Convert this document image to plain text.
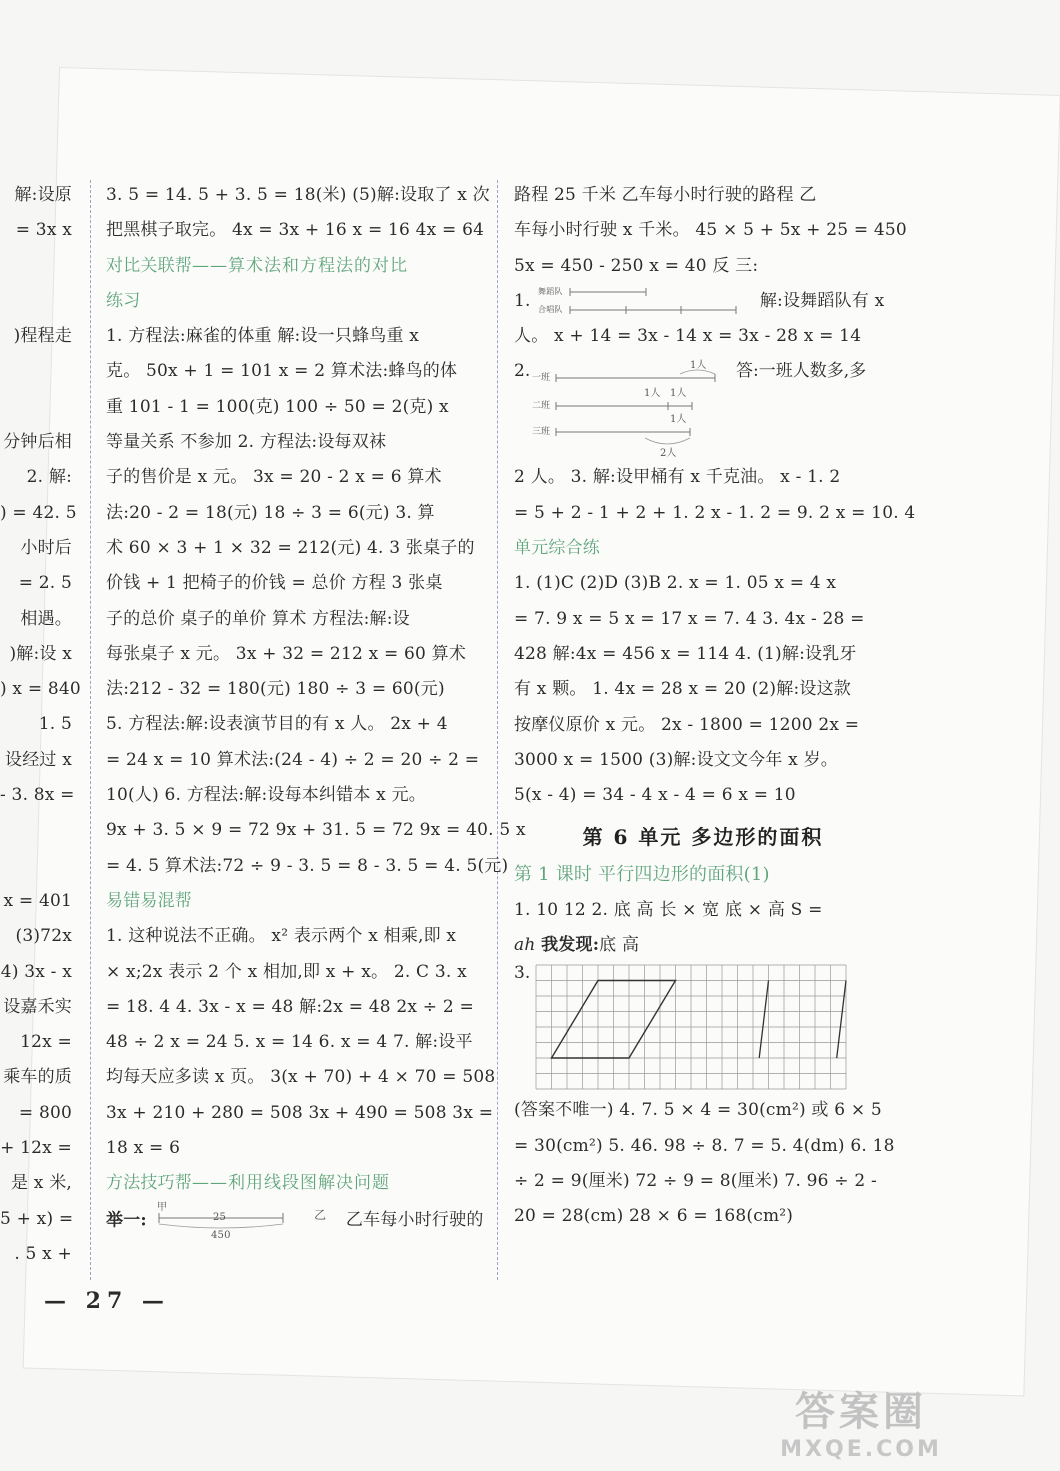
解:设原
= 3x x
)程程走
分钟后相
2. 解:
) = 42. 5
小时后
= 2. 5
相遇。
)解:设 x
) x = 840
1. 5
设经过 x
- 3. 8x =
x = 401
(3)72x
4) 3x - x
设嘉禾实
12x =
乘车的质
= 800
+ 12x =
是 x 米,
5 + x) =
. 5 x +
3. 5 = 14. 5 + 3. 5 = 18(米) (5)解:设取了 x 次
把黑棋子取完。 4x = 3x + 16 x = 16 4x = 64
对比关联帮——算术法和方程法的对比
练习
1. 方程法:麻雀的体重 解:设一只蜂鸟重 x
克。 50x + 1 = 101 x = 2 算术法:蜂鸟的体
重 101 - 1 = 100(克) 100 ÷ 50 = 2(克) x
等量关系 不参加 2. 方程法:设每双袜
子的售价是 x 元。 3x = 20 - 2 x = 6 算术
法:20 - 2 = 18(元) 18 ÷ 3 = 6(元) 3. 算
术 60 × 3 + 1 × 32 = 212(元) 4. 3 张桌子的
价钱 + 1 把椅子的价钱 = 总价 方程 3 张桌
子的总价 桌子的单价 算术 方程法:解:设
每张桌子 x 元。 3x + 32 = 212 x = 60 算术
法:212 - 32 = 180(元) 180 ÷ 3 = 60(元)
5. 方程法:解:设表演节目的有 x 人。 2x + 4
= 24 x = 10 算术法:(24 - 4) ÷ 2 = 20 ÷ 2 =
10(人) 6. 方程法:解:设每本纠错本 x 元。
9x + 3. 5 × 9 = 72 9x + 31. 5 = 72 9x = 40. 5 x
= 4. 5 算术法:72 ÷ 9 - 3. 5 = 8 - 3. 5 = 4. 5(元)
易错易混帮
1. 这种说法不正确。 x² 表示两个 x 相乘,即 x
× x;2x 表示 2 个 x 相加,即 x + x。 2. C 3. x
= 18. 4 4. 3x - x = 48 解:2x = 48 2x ÷ 2 =
48 ÷ 2 x = 24 5. x = 14 6. x = 4 7. 解:设平
均每天应多读 x 页。 3(x + 70) + 4 × 70 = 508
3x + 210 + 280 = 508 3x + 490 = 508 3x =
18 x = 6
方法技巧帮——利用线段图解决问题
举一:
甲
25
450
$^乙$ 乙车每小时行驶的
路程 25 千米 乙车每小时行驶的路程 乙
车每小时行驶 x 千米。 45 × 5 + 5x + 25 = 450
5x = 450 - 250 x = 40 反 三:
1. 舞蹈队
合唱队	解:设舞蹈队有 x
人。 x + 14 = 3x - 14 x = 3x - 28 x = 14
2.	1人
一班
1人 1人
二班
1人
三班
2人
答:一班人数多,多
2 人。 3. 解:设甲桶有 x 千克油。 x - 1. 2
= 5 + 2 - 1 + 2 + 1. 2 x - 1. 2 = 9. 2 x = 10. 4
单元综合练
1. (1)C (2)D (3)B 2. x = 1. 05 x = 4 x
= 7. 9 x = 5 x = 17 x = 7. 4 3. 4x - 28 =
428 解:4x = 456 x = 114 4. (1)解:设乳牙
有 x 颗。 1. 4x = 28 x = 20 (2)解:设这款
按摩仪原价 x 元。 2x - 1800 = 1200 2x =
3000 x = 1500 (3)解:设文文今年 x 岁。
5(x - 4) = 34 - 4 x - 4 = 6 x = 10
第 6 单元 多边形的面积
第 1 课时 平行四边形的面积(1)
1. 10 12 2. 底 高 长 × 宽 底 × 高 S =
ah 我发现:底 高
3.
(答案不唯一) 4. 7. 5 × 4 = 30(cm²) 或 6 × 5
= 30(cm²) 5. 46. 98 ÷ 8. 7 = 5. 4(dm) 6. 18
÷ 2 = 9(厘米) 72 ÷ 9 = 8(厘米) 7. 96 ÷ 2 -
20 = 28(cm) 28 × 6 = 168(cm²)
— 27 —
答案圈
MXQE.COM
